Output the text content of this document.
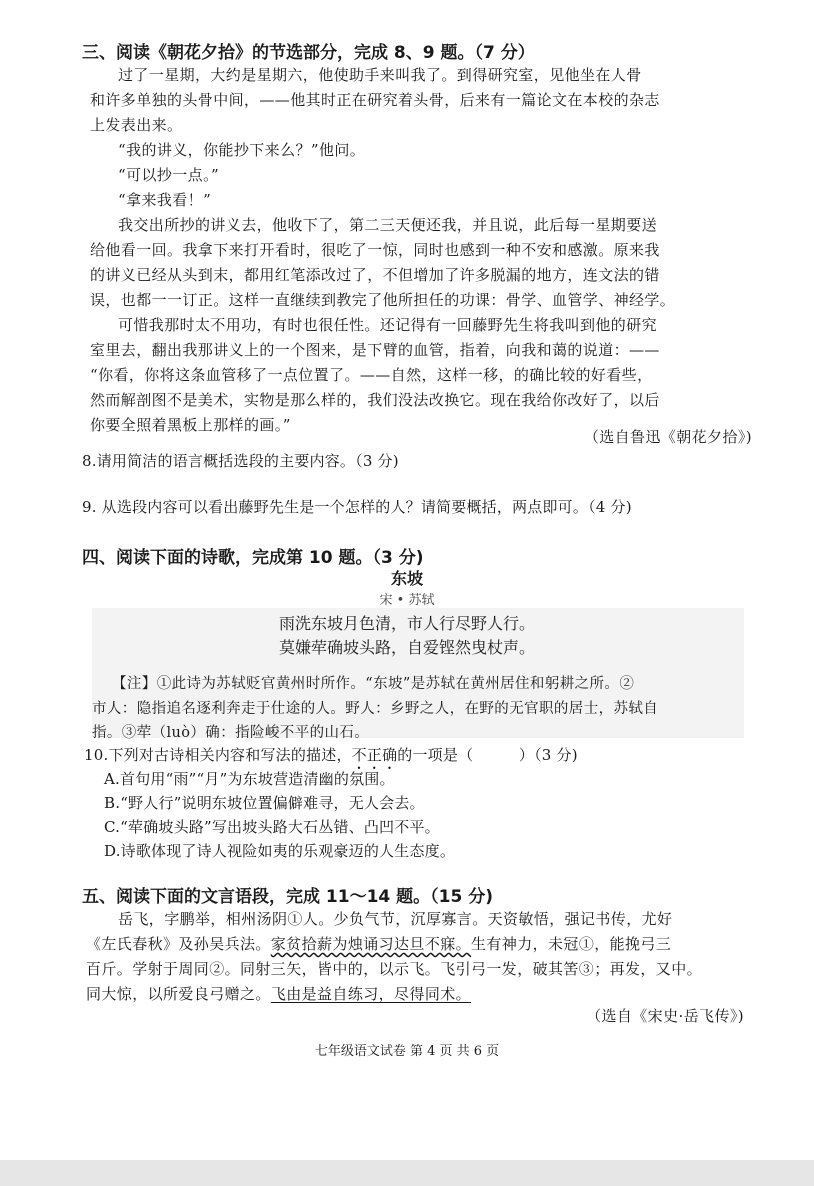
三、阅读《朝花夕拾》的节选部分，完成 8、9 题。（7 分）
过了一星期，大约是星期六，他使助手来叫我了。到得研究室，见他坐在人骨
和许多单独的头骨中间，——他其时正在研究着头骨，后来有一篇论文在本校的杂志
上发表出来。
“我的讲义，你能抄下来么？”他问。
“可以抄一点。”
“拿来我看！”
我交出所抄的讲义去，他收下了，第二三天便还我，并且说，此后每一星期要送
给他看一回。我拿下来打开看时，很吃了一惊，同时也感到一种不安和感激。原来我
的讲义已经从头到末，都用红笔添改过了，不但增加了许多脱漏的地方，连文法的错
误，也都一一订正。这样一直继续到教完了他所担任的功课：骨学、血管学、神经学。
可惜我那时太不用功，有时也很任性。还记得有一回藤野先生将我叫到他的研究
室里去，翻出我那讲义上的一个图来，是下臂的血管，指着，向我和蔼的说道：——
“你看，你将这条血管移了一点位置了。——自然，这样一移，的确比较的好看些，
然而解剖图不是美术，实物是那么样的，我们没法改换它。现在我给你改好了，以后
你要全照着黑板上那样的画。”
（选自鲁迅《朝花夕拾》)
8.请用简洁的语言概括选段的主要内容。（3 分)
9. 从选段内容可以看出藤野先生是一个怎样的人？请简要概括，两点即可。（4 分)
四、阅读下面的诗歌，完成第 10 题。（3 分)
东坡
宋 • 苏轼
雨洗东坡月色清，市人行尽野人行。
莫嫌荦确坡头路，自爱铿然曳杖声。
【注】①此诗为苏轼贬官黄州时所作。“东坡”是苏轼在黄州居住和躬耕之所。②
市人：隐指追名逐利奔走于仕途的人。野人：乡野之人，在野的无官职的居士，苏轼自
指。③荦（luò）确：指险峻不平的山石。
10.下列对古诗相关内容和写法的描述，不正确的一项是（　　　）（3 分)
A.首句用“雨”“月”为东坡营造清幽的氛围。
B.“野人行”说明东坡位置偏僻难寻，无人会去。
C.“荦确坡头路”写出坡头路大石丛错、凸凹不平。
D.诗歌体现了诗人视险如夷的乐观豪迈的人生态度。
五、阅读下面的文言语段，完成 11～14 题。（15 分)
岳飞，字鹏举，相州汤阴①人。少负气节，沉厚寡言。天资敏悟，强记书传，尤好
《左氏春秋》及孙吴兵法。家贫拾薪为烛诵习达旦不寐。生有神力，未冠①，能挽弓三
百斤。学射于周同②。同射三矢，皆中的，以示飞。飞引弓一发，破其筈③；再发，又中。
同大惊，以所爱良弓赠之。飞由是益自练习，尽得同术。
（选自《宋史·岳飞传》)
七年级语文试卷 第 4 页 共 6 页
